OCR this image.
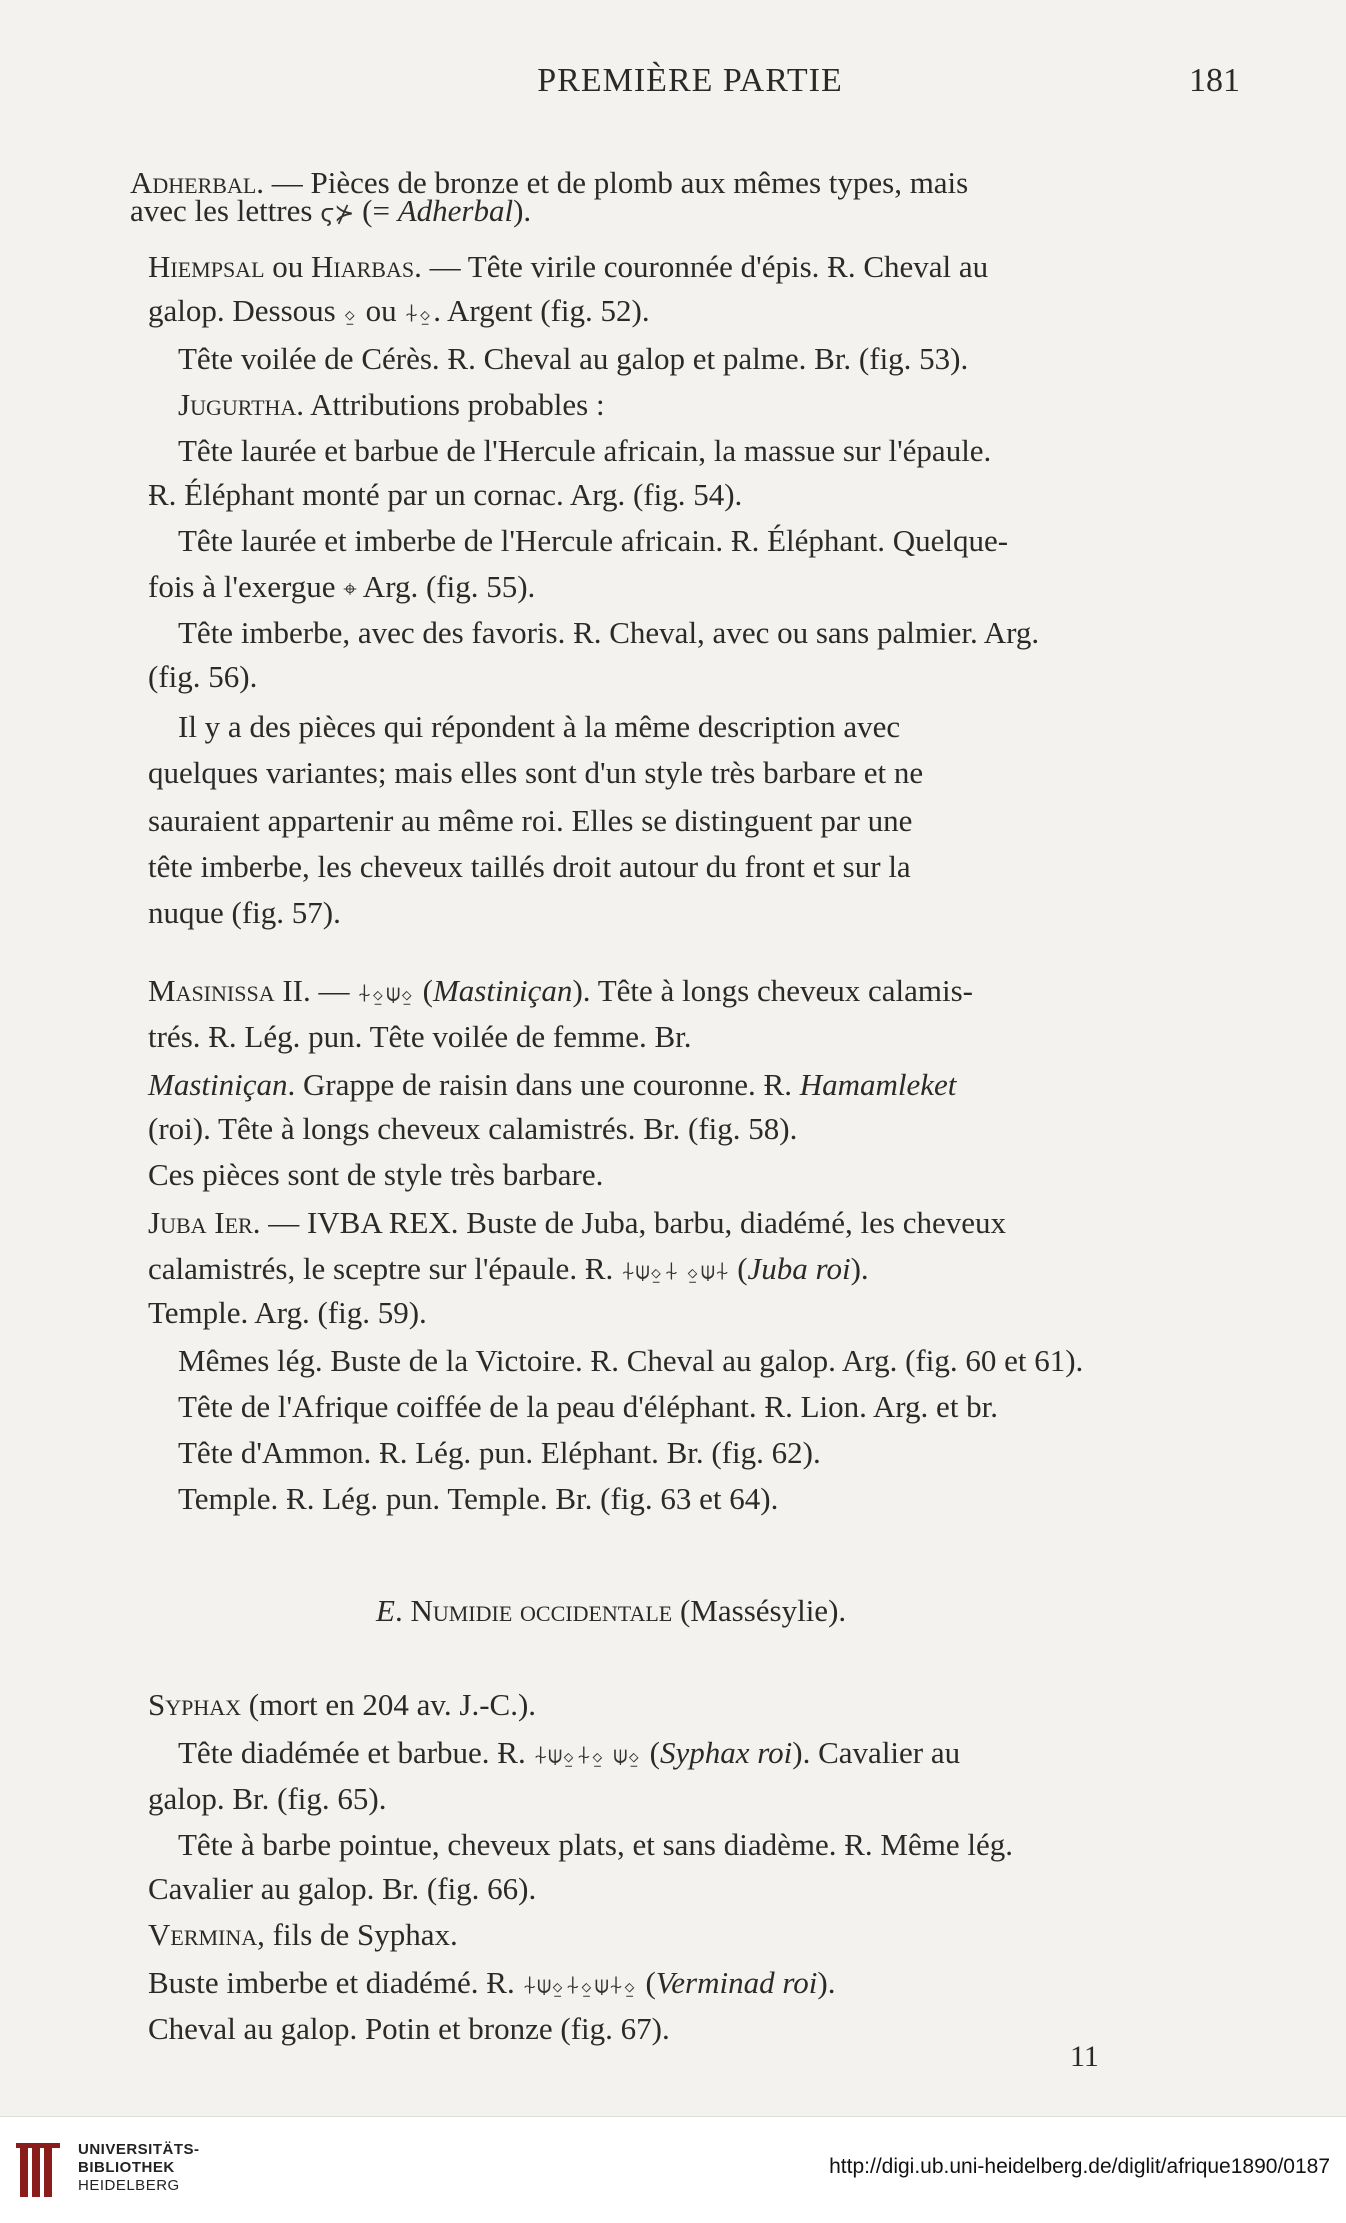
PREMIÈRE PARTIE	181
Adherbal. — Pièces de bronze et de plomb aux mêmes types, mais
avec les lettres ϛ⊁ (= Adherbal).
Hiempsal ou Hiarbas. — Tête virile couronnée d'épis. Ɍ. Cheval au
galop. Dessous ⍚ ou ⍭⍚. Argent (fig. 52).
Tête voilée de Cérès. Ɍ. Cheval au galop et palme. Br. (fig. 53).
Jugurtha. Attributions probables :
Tête laurée et barbue de l'Hercule africain, la massue sur l'épaule.
Ɍ. Éléphant monté par un cornac. Arg. (fig. 54).
Tête laurée et imberbe de l'Hercule africain. Ɍ. Éléphant. Quelque-
fois à l'exergue ⌖ Arg. (fig. 55).
Tête imberbe, avec des favoris. Ɍ. Cheval, avec ou sans palmier. Arg.
(fig. 56).
Il y a des pièces qui répondent à la même description avec
quelques variantes; mais elles sont d'un style très barbare et ne
sauraient appartenir au même roi. Elles se distinguent par une
tête imberbe, les cheveux taillés droit autour du front et sur la
nuque (fig. 57).
Masinissa II. — ⍭⍚⍦⍚ (Mastiniçan). Tête à longs cheveux calamis-
trés. Ɍ. Lég. pun. Tête voilée de femme. Br.
Mastiniçan. Grappe de raisin dans une couronne. Ɍ. Hamamleket
(roi). Tête à longs cheveux calamistrés. Br. (fig. 58).
Ces pièces sont de style très barbare.
Juba Ier. — IVBA REX. Buste de Juba, barbu, diadémé, les cheveux
calamistrés, le sceptre sur l'épaule. Ɍ. ⍭⍦⍚⍭ ⍚⍦⍭ (Juba roi).
Temple. Arg. (fig. 59).
Mêmes lég. Buste de la Victoire. Ɍ. Cheval au galop. Arg. (fig. 60 et 61).
Tête de l'Afrique coiffée de la peau d'éléphant. Ɍ. Lion. Arg. et br.
Tête d'Ammon. Ɍ. Lég. pun. Eléphant. Br. (fig. 62).
Temple. Ɍ. Lég. pun. Temple. Br. (fig. 63 et 64).
E. Numidie occidentale (Massésylie).
Syphax (mort en 204 av. J.-C.).
Tête diadémée et barbue. Ɍ. ⍭⍦⍚⍭⍚ ⍦⍚ (Syphax roi). Cavalier au
galop. Br. (fig. 65).
Tête à barbe pointue, cheveux plats, et sans diadème. Ɍ. Même lég.
Cavalier au galop. Br. (fig. 66).
Vermina, fils de Syphax.
Buste imberbe et diadémé. Ɍ. ⍭⍦⍚⍭⍚⍦⍭⍚ (Verminad roi).
Cheval au galop. Potin et bronze (fig. 67).
11
UNIVERSITÄTS-
BIBLIOTHEK
HEIDELBERG
http://digi.ub.uni-heidelberg.de/diglit/afrique1890/0187
